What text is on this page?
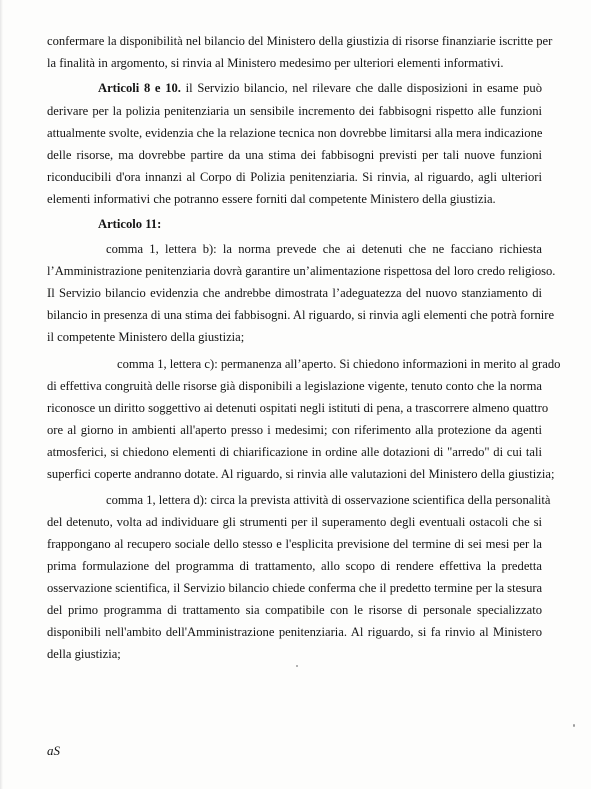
confermare la disponibilità nel bilancio del Ministero della giustizia di risorse finanziarie iscritte per
la finalità in argomento, si rinvia al Ministero medesimo per ulteriori elementi informativi.
Articoli 8 e 10. il Servizio bilancio, nel rilevare che dalle disposizioni in esame può
derivare per la polizia penitenziaria un sensibile incremento dei fabbisogni rispetto alle funzioni
attualmente svolte, evidenzia che la relazione tecnica non dovrebbe limitarsi alla mera indicazione
delle risorse, ma dovrebbe partire da una stima dei fabbisogni previsti per tali nuove funzioni
riconducibili d'ora innanzi al Corpo di Polizia penitenziaria. Si rinvia, al riguardo, agli ulteriori
elementi informativi che potranno essere forniti dal competente Ministero della giustizia.
Articolo 11:
comma 1, lettera b): la norma prevede che ai detenuti che ne facciano richiesta
l’Amministrazione penitenziaria dovrà garantire un’alimentazione rispettosa del loro credo religioso.
Il Servizio bilancio evidenzia che andrebbe dimostrata l’adeguatezza del nuovo stanziamento di
bilancio in presenza di una stima dei fabbisogni. Al riguardo, si rinvia agli elementi che potrà fornire
il competente Ministero della giustizia;
comma 1, lettera c): permanenza all’aperto. Si chiedono informazioni in merito al grado
di effettiva congruità delle risorse già disponibili a legislazione vigente, tenuto conto che la norma
riconosce un diritto soggettivo ai detenuti ospitati negli istituti di pena, a trascorrere almeno quattro
ore al giorno in ambienti all'aperto presso i medesimi; con riferimento alla protezione da agenti
atmosferici, si chiedono elementi di chiarificazione in ordine alle dotazioni di "arredo" di cui tali
superfici coperte andranno dotate. Al riguardo, si rinvia alle valutazioni del Ministero della giustizia;
comma 1, lettera d): circa la prevista attività di osservazione scientifica della personalità
del detenuto, volta ad individuare gli strumenti per il superamento degli eventuali ostacoli che si
frappongano al recupero sociale dello stesso e l'esplicita previsione del termine di sei mesi per la
prima formulazione del programma di trattamento, allo scopo di rendere effettiva la predetta
osservazione scientifica, il Servizio bilancio chiede conferma che il predetto termine per la stesura
del primo programma di trattamento sia compatibile con le risorse di personale specializzato
disponibili nell'ambito dell'Amministrazione penitenziaria. Al riguardo, si fa rinvio al Ministero
della giustizia;
aS
